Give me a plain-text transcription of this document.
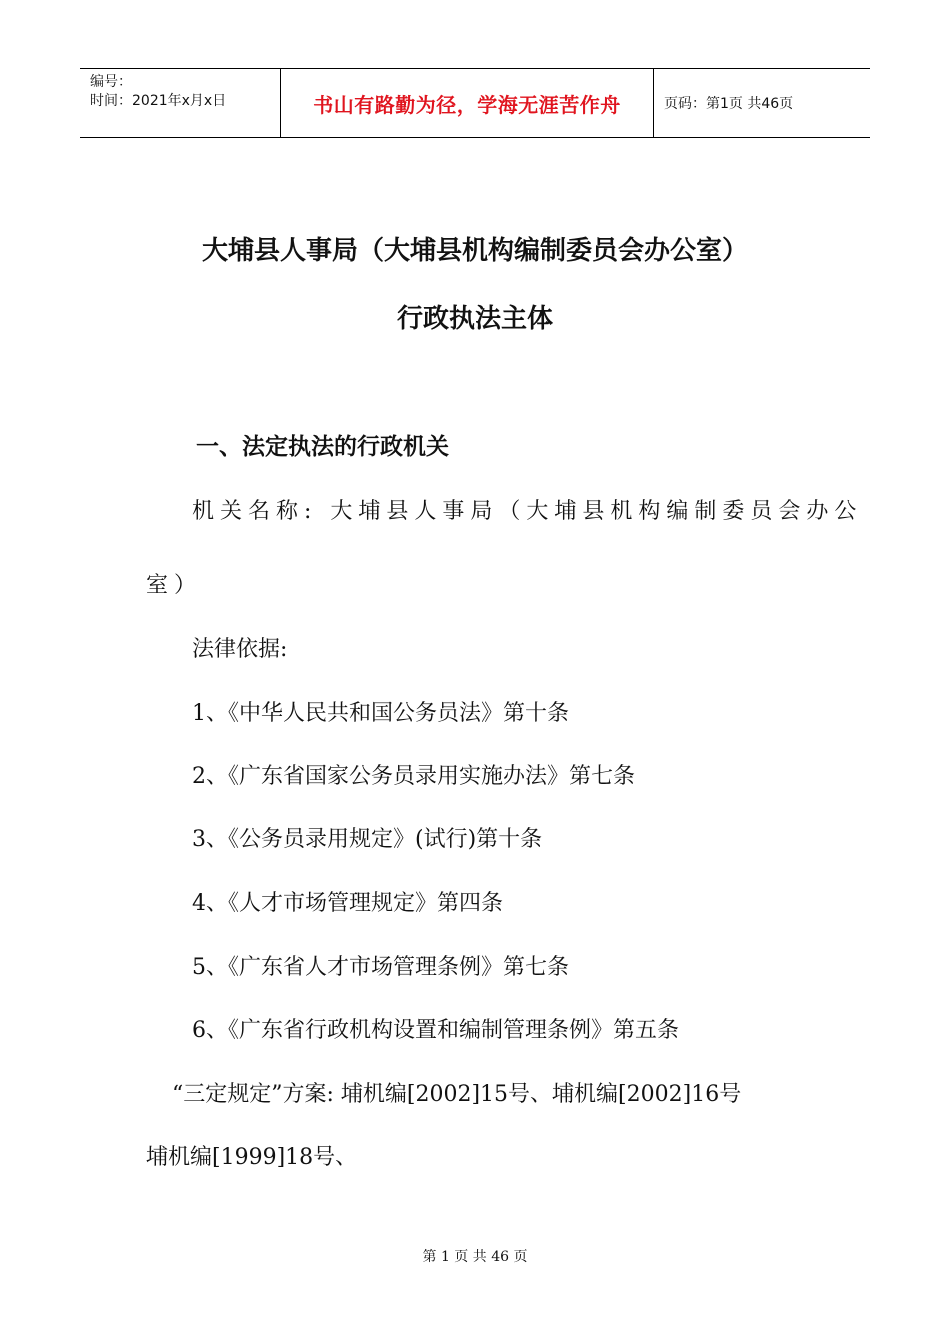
编号：
时间：2021年x月x日	书山有路勤为径，学海无涯苦作舟	页码：第1页 共46页
大埔县人事局（大埔县机构编制委员会办公室）
行政执法主体
一、法定执法的行政机关
机关名称: 大埔县人事局（大埔县机构编制委员会办公
室）
法律依据:
1、《中华人民共和国公务员法》第十条
2、《广东省国家公务员录用实施办法》第七条
3、《公务员录用规定》(试行)第十条
4、《人才市场管理规定》第四条
5、《广东省人才市场管理条例》第七条
6、《广东省行政机构设置和编制管理条例》第五条
“三定规定”方案: 埔机编[2002]15号、埔机编[2002]16号
埔机编[1999]18号、
第 1 页 共 46 页
